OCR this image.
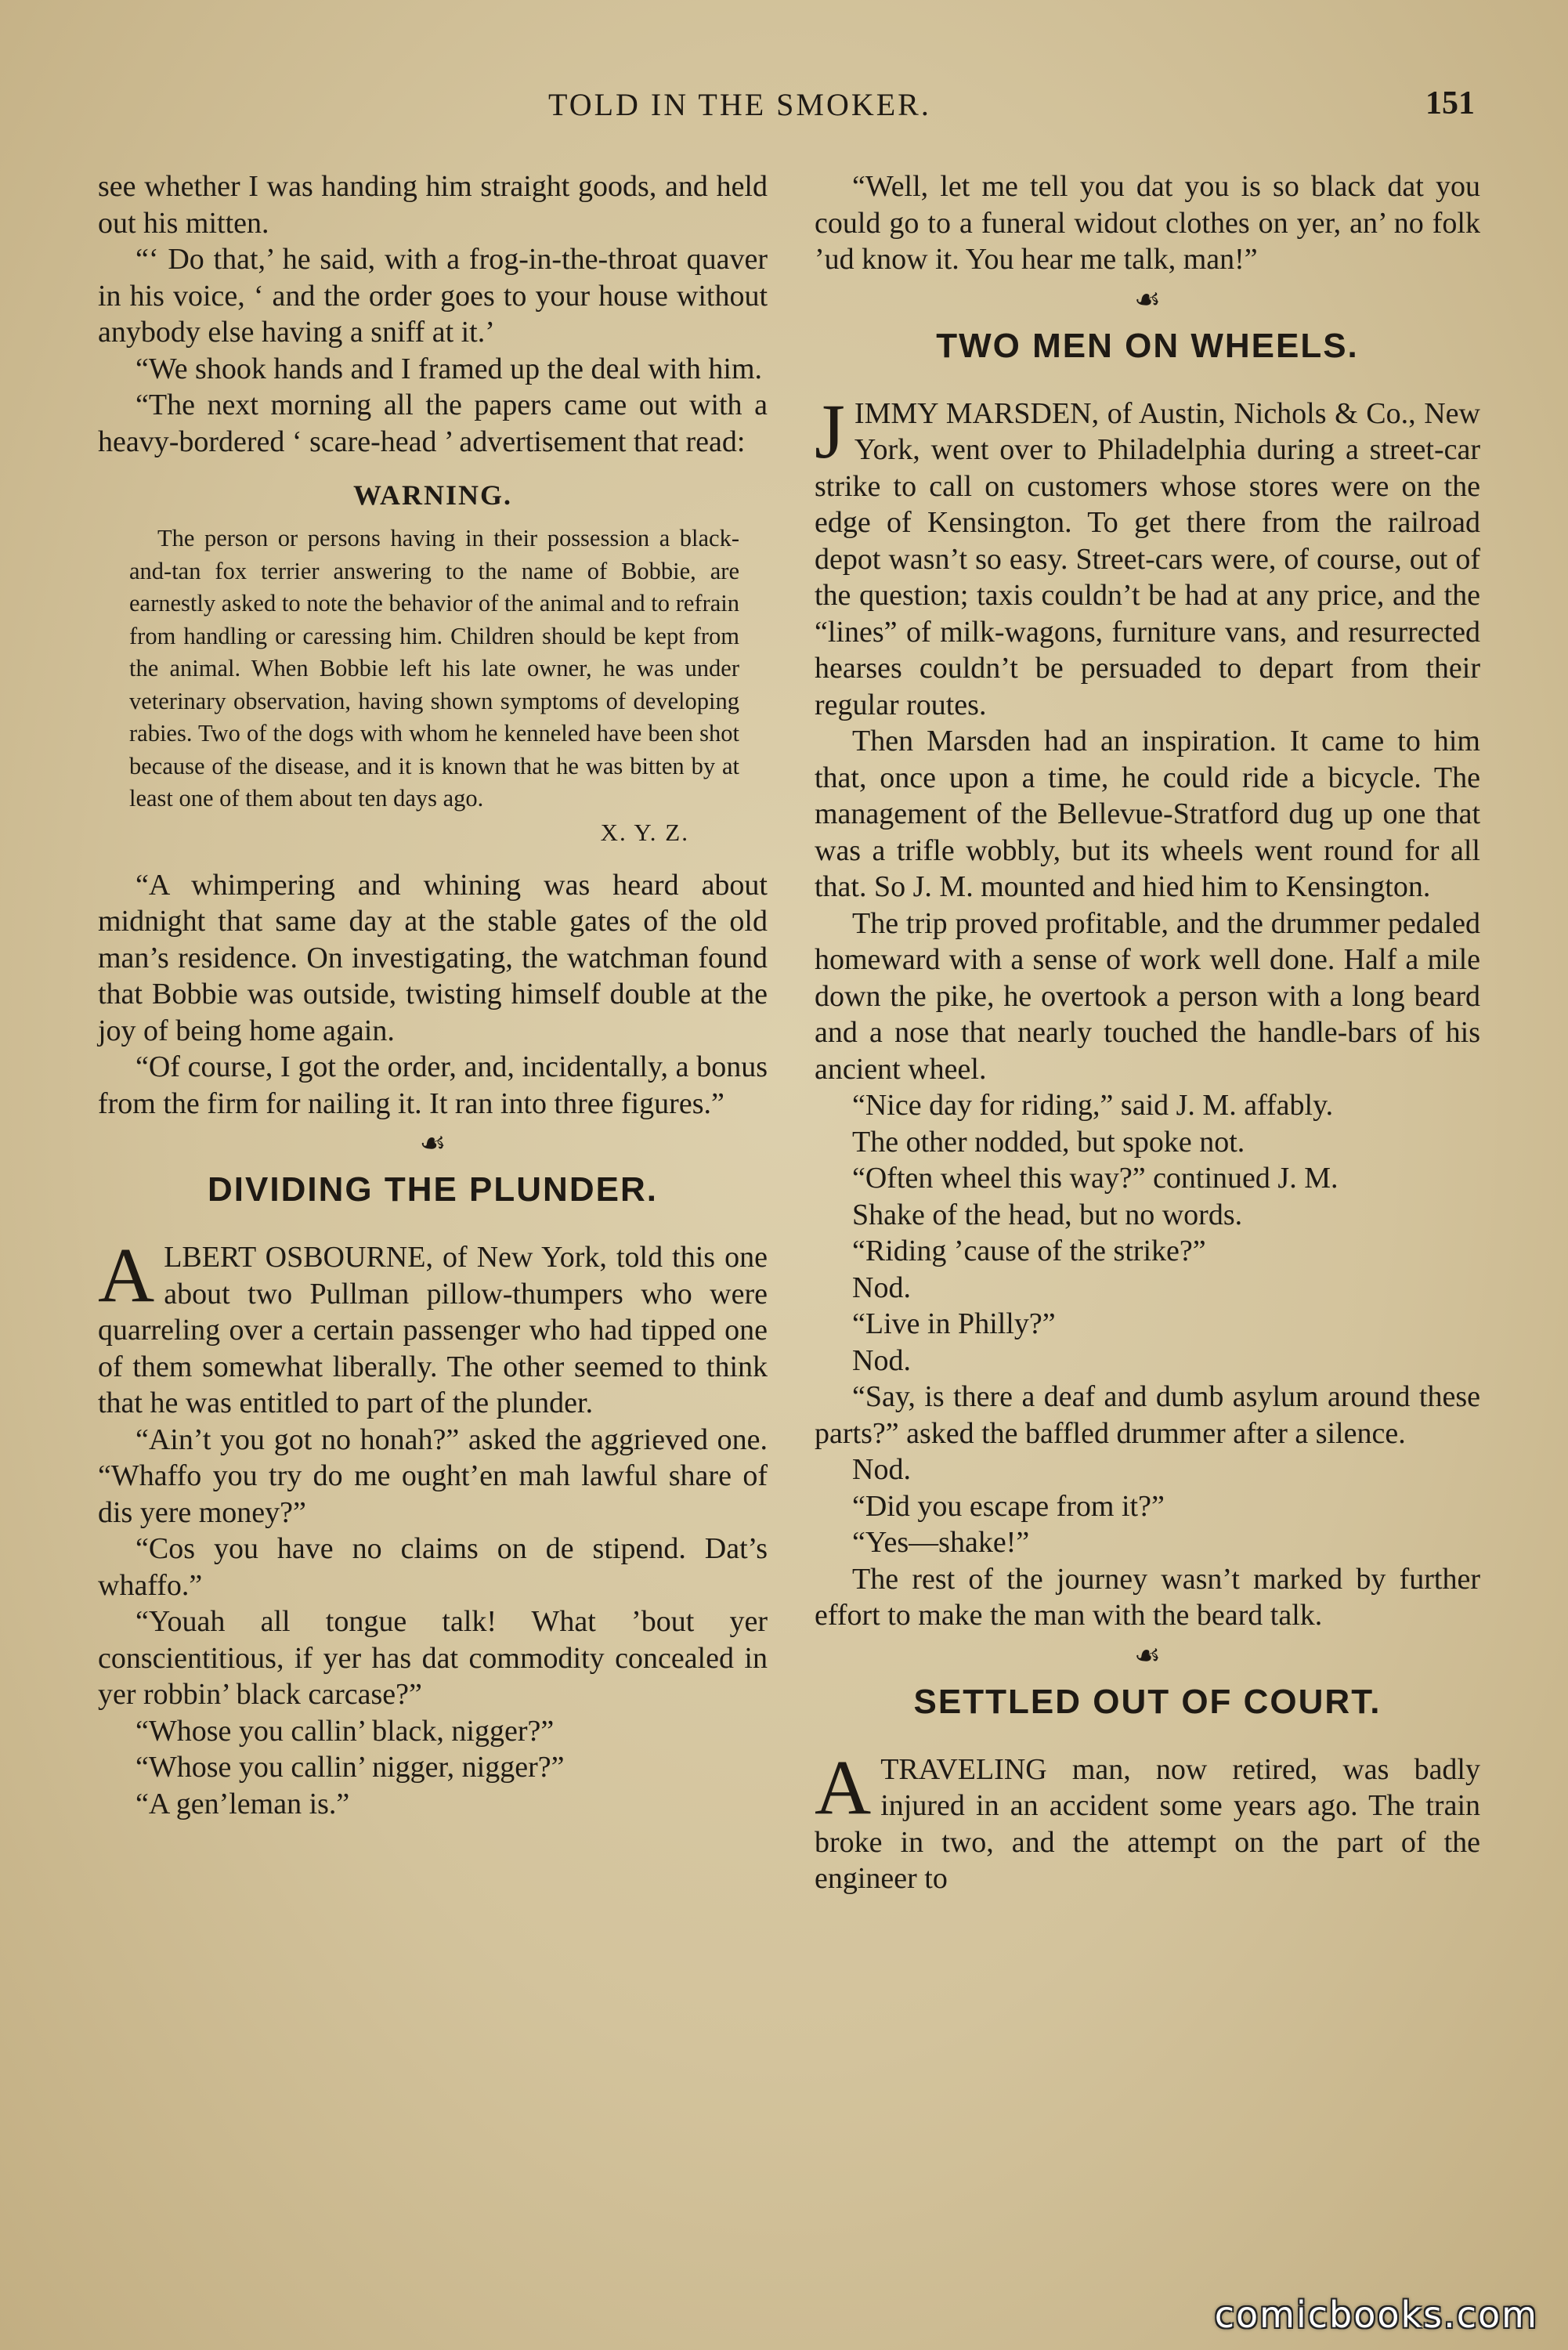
TOLD IN THE SMOKER.	151

see whether I was handing him straight goods, and held out his mitten.

“‘ Do that,’ he said, with a frog-in-the-throat quaver in his voice, ‘ and the order goes to your house without anybody else having a sniff at it.’

“We shook hands and I framed up the deal with him.

“The next morning all the papers came out with a heavy-bordered ‘ scare-head ’ advertisement that read:

WARNING.

The person or persons having in their possession a black-and-tan fox terrier answering to the name of Bobbie, are earnestly asked to note the behavior of the animal and to refrain from handling or caressing him. Children should be kept from the animal. When Bobbie left his late owner, he was under veterinary observation, having shown symptoms of developing rabies. Two of the dogs with whom he kenneled have been shot because of the disease, and it is known that he was bitten by at least one of them about ten days ago.

X. Y. Z.

“A whimpering and whining was heard about midnight that same day at the stable gates of the old man’s residence. On investigating, the watchman found that Bobbie was outside, twisting himself double at the joy of being home again.

“Of course, I got the order, and, incidentally, a bonus from the firm for nailing it. It ran into three figures.”

☙
DIVIDING THE PLUNDER.

ALBERT OSBOURNE, of New York, told this one about two Pullman pillow-thumpers who were quarreling over a certain passenger who had tipped one of them somewhat liberally. The other seemed to think that he was entitled to part of the plunder.

“Ain’t you got no honah?” asked the aggrieved one. “Whaffo you try do me ought’en mah lawful share of dis yere money?”

“Cos you have no claims on de stipend. Dat’s whaffo.”

“Youah all tongue talk! What ’bout yer conscientitious, if yer has dat commodity concealed in yer robbin’ black carcase?”

“Whose you callin’ black, nigger?”

“Whose you callin’ nigger, nigger?”

“A gen’leman is.”

“Well, let me tell you dat you is so black dat you could go to a funeral widout clothes on yer, an’ no folk ’ud know it. You hear me talk, man!”

☙
TWO MEN ON WHEELS.

JIMMY MARSDEN, of Austin, Nichols & Co., New York, went over to Philadelphia during a street-car strike to call on customers whose stores were on the edge of Kensington. To get there from the railroad depot wasn’t so easy. Street-cars were, of course, out of the question; taxis couldn’t be had at any price, and the “lines” of milk-wagons, furniture vans, and resurrected hearses couldn’t be persuaded to depart from their regular routes.

Then Marsden had an inspiration. It came to him that, once upon a time, he could ride a bicycle. The management of the Bellevue-Stratford dug up one that was a trifle wobbly, but its wheels went round for all that. So J. M. mounted and hied him to Kensington.

The trip proved profitable, and the drummer pedaled homeward with a sense of work well done. Half a mile down the pike, he overtook a person with a long beard and a nose that nearly touched the handle-bars of his ancient wheel.

“Nice day for riding,” said J. M. affably.

The other nodded, but spoke not.

“Often wheel this way?” continued J. M.

Shake of the head, but no words.

“Riding ’cause of the strike?”

Nod.

“Live in Philly?”

Nod.

“Say, is there a deaf and dumb asylum around these parts?” asked the baffled drummer after a silence.

Nod.

“Did you escape from it?”

“Yes—shake!”

The rest of the journey wasn’t marked by further effort to make the man with the beard talk.

☙
SETTLED OUT OF COURT.

ATRAVELING man, now retired, was badly injured in an accident some years ago. The train broke in two, and the attempt on the part of the engineer to

comicbooks.com
